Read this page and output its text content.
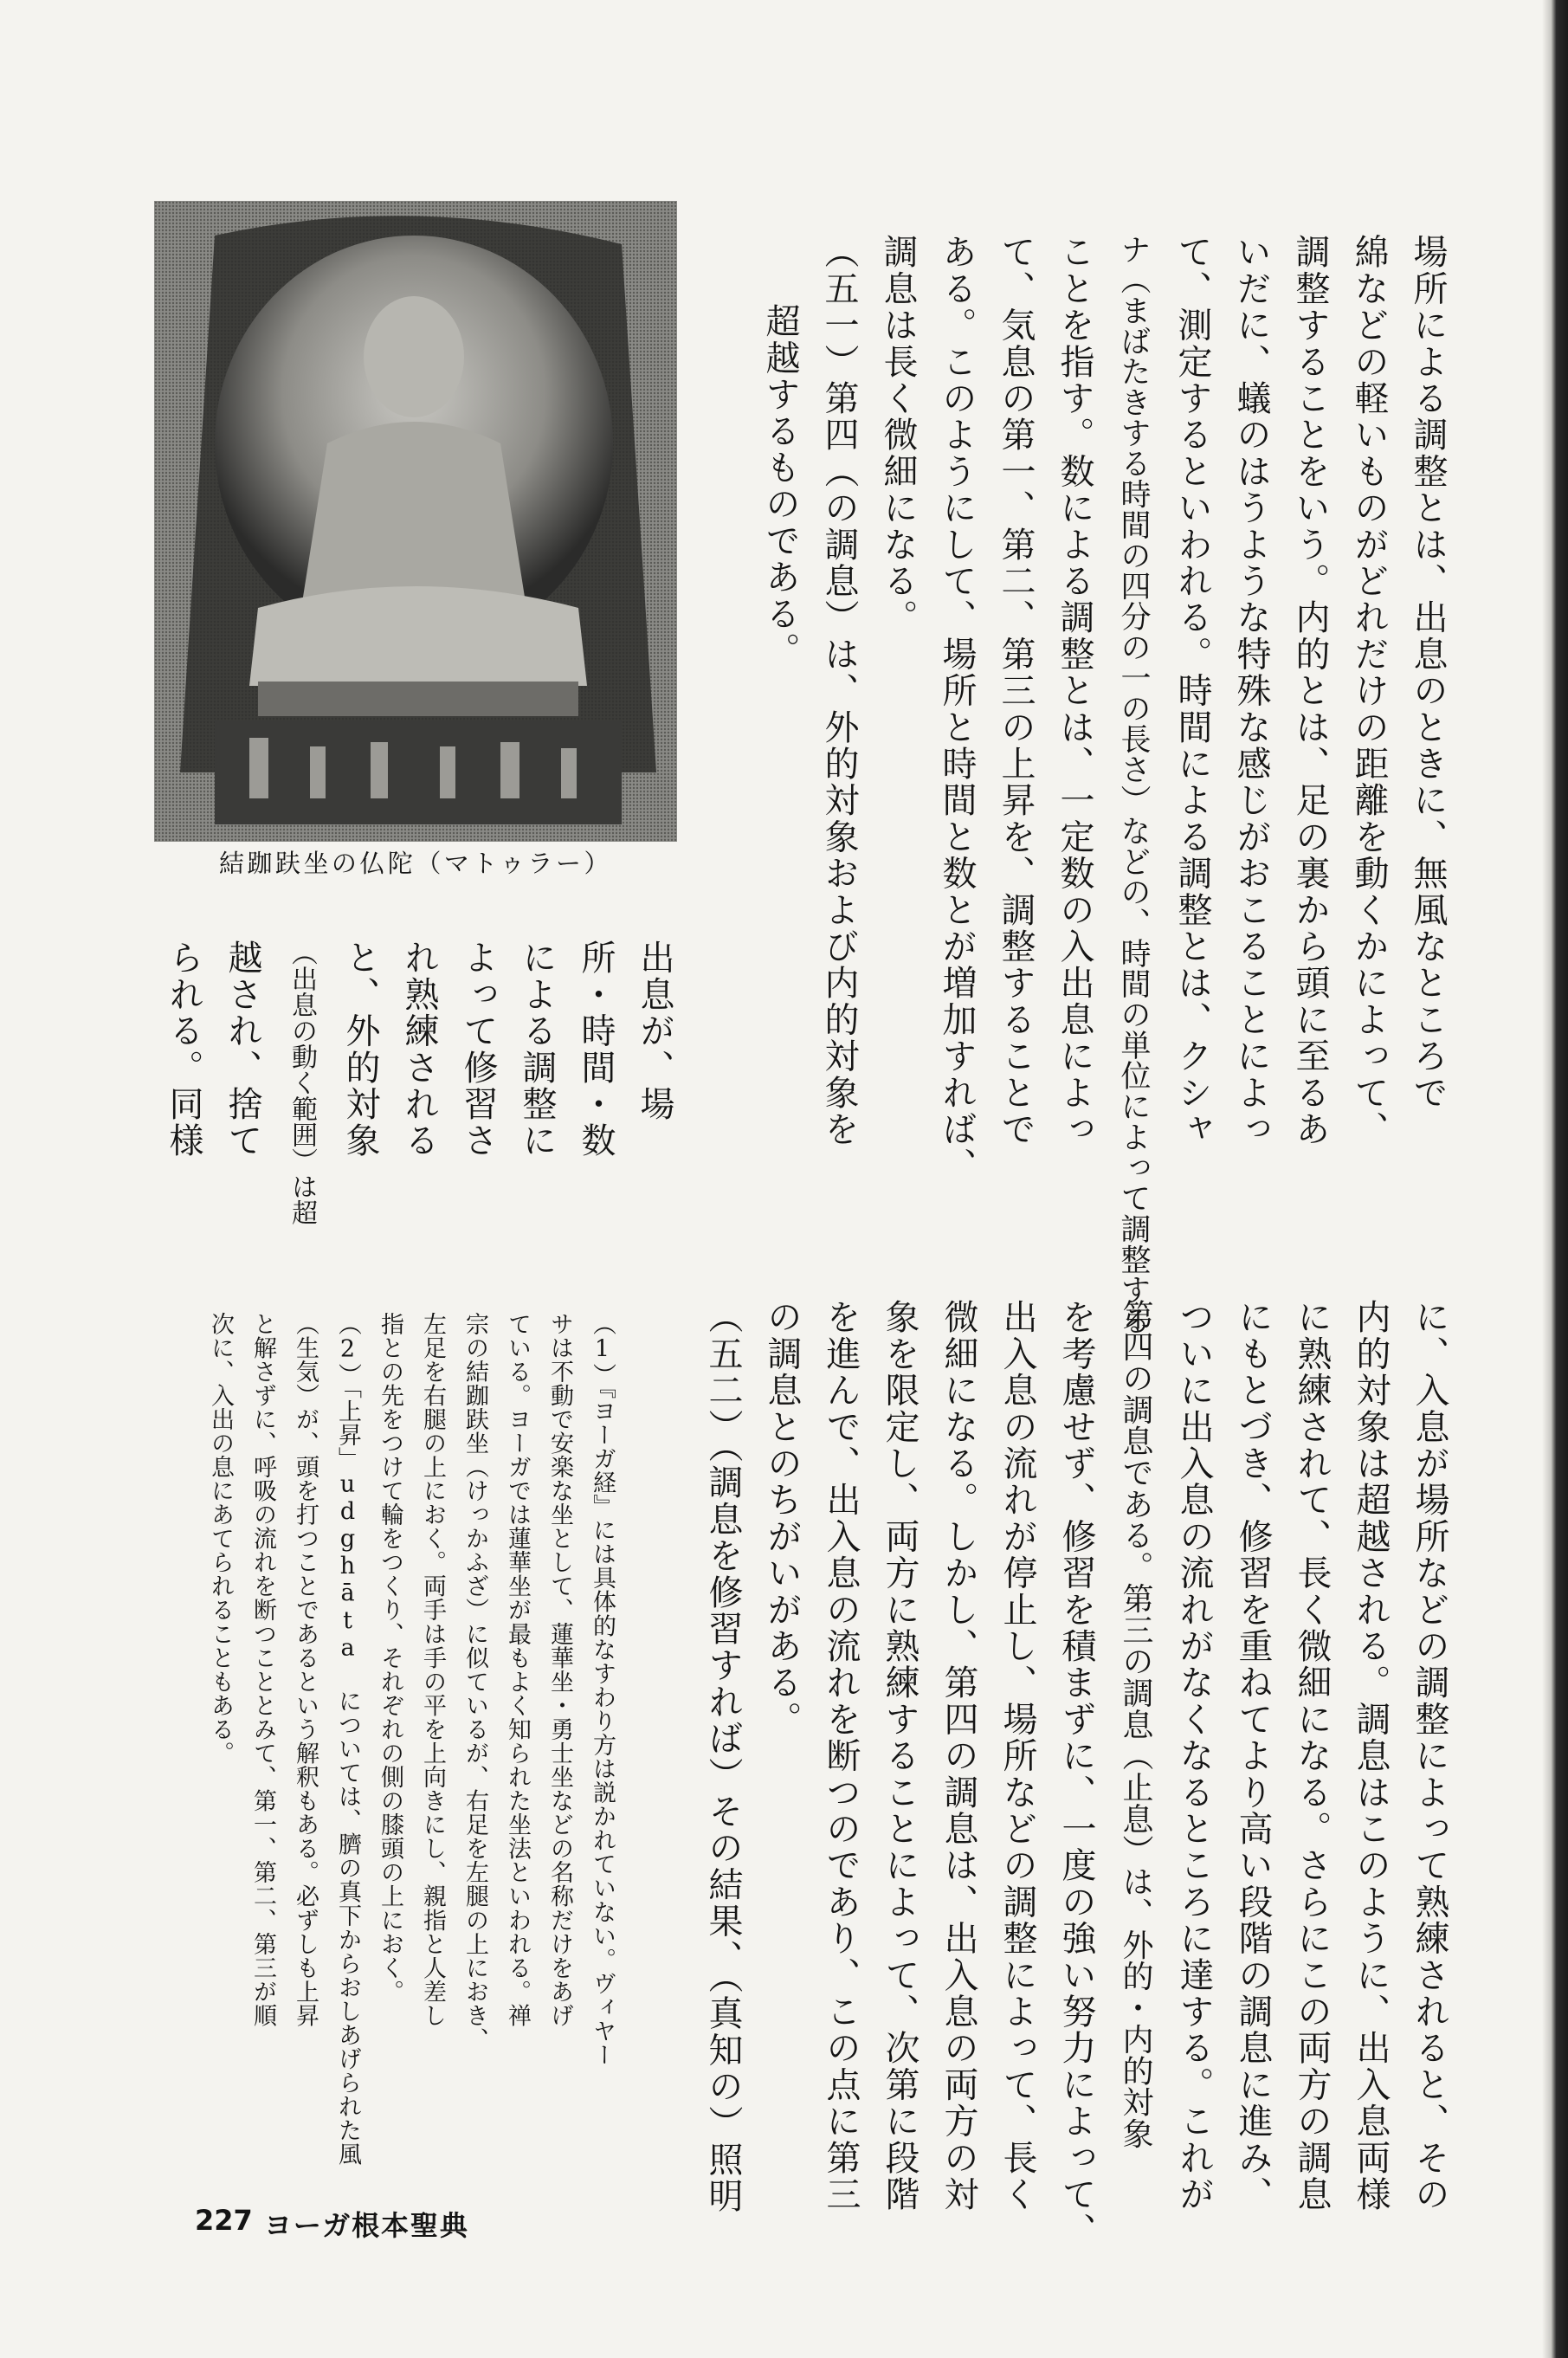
場所による調整とは、出息のときに、無風なところで
綿などの軽いものがどれだけの距離を動くかによって、
調整することをいう。内的とは、足の裏から頭に至るあ
いだに、蟻のはうような特殊な感じがおこることによっ
て、測定するといわれる。時間による調整とは、クシャ
ナ（まばたきする時間の四分の一の長さ）などの、時間の単位によって調整する
ことを指す。数による調整とは、一定数の入出息によっ
て、気息の第一、第二、第三の上昇を、調整することで
ある。このようにして、場所と時間と数とが増加すれば、
調息は長く微細になる。
（五一）第四（の調息）は、外的対象および内的対象を
超越するものである。
結跏趺坐の仏陀（マトゥラー）
出息が、場
所・時間・数
による調整に
よって修習さ
れ熟練される
と、外的対象
（出息の動く範囲）は超
越され、捨て
られる。同様
に、入息が場所などの調整によって熟練されると、その
内的対象は超越される。調息はこのように、出入息両様
に熟練されて、長く微細になる。さらにこの両方の調息
にもとづき、修習を重ねてより高い段階の調息に進み、
ついに出入息の流れがなくなるところに達する。これが
第四の調息である。第三の調息（止息）は、外的・内的対象
を考慮せず、修習を積まずに、一度の強い努力によって、
出入息の流れが停止し、場所などの調整によって、長く
微細になる。しかし、第四の調息は、出入息の両方の対
象を限定し、両方に熟練することによって、次第に段階
を進んで、出入息の流れを断つのであり、この点に第三
の調息とのちがいがある。
（五二）（調息を修習すれば）その結果、（真知の）照明
（1）『ヨーガ経』には具体的なすわり方は説かれていない。ヴィヤー
サは不動で安楽な坐として、蓮華坐・勇士坐などの名称だけをあげ
ている。ヨーガでは蓮華坐が最もよく知られた坐法といわれる。禅
宗の結跏趺坐（けっかふざ）に似ているが、右足を左腿の上におき、
左足を右腿の上におく。両手は手の平を上向きにし、親指と人差し
指との先をつけて輪をつくり、それぞれの側の膝頭の上におく。
（2）「上昇」udghāta については、臍の真下からおしあげられた風
（生気）が、頭を打つことであるという解釈もある。必ずしも上昇
と解さずに、呼吸の流れを断つこととみて、第一、第二、第三が順
次に、入出の息にあてられることもある。
227 ヨーガ根本聖典
